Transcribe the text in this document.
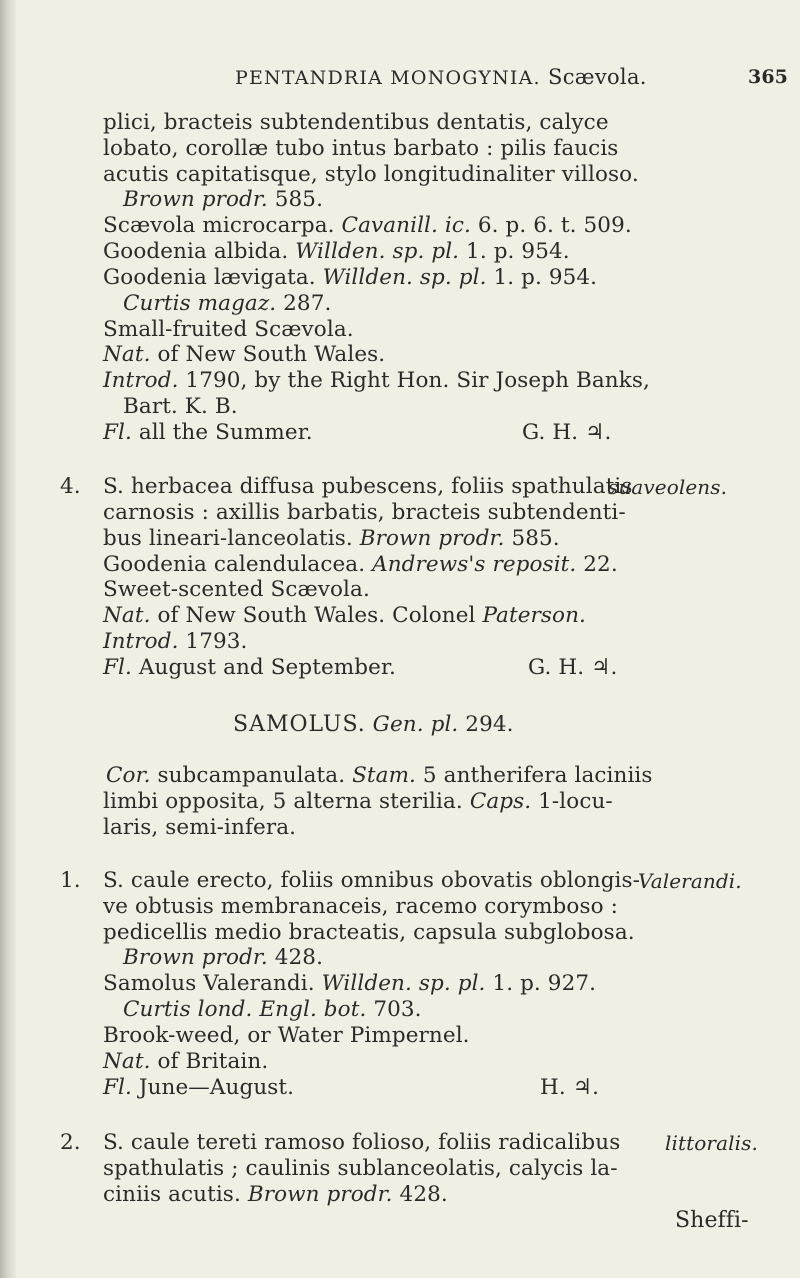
PENTANDRIA MONOGYNIA. Scævola.	365
plici, bracteis subtendentibus dentatis, calyce
lobato, corollæ tubo intus barbato : pilis faucis
acutis capitatisque, stylo longitudinaliter villoso.
Brown prodr. 585.
Scævola microcarpa. Cavanill. ic. 6. p. 6. t. 509.
Goodenia albida. Willden. sp. pl. 1. p. 954.
Goodenia lævigata. Willden. sp. pl. 1. p. 954.
Curtis magaz. 287.
Small-fruited Scævola.
Nat. of New South Wales.
Introd. 1790, by the Right Hon. Sir Joseph Banks,
Bart. K. B.
Fl. all the Summer.	G. H. ♃.
4. S. herbacea diffusa pubescens, foliis spathulatis
suaveolens.
carnosis : axillis barbatis, bracteis subtendenti-
bus lineari-lanceolatis. Brown prodr. 585.
Goodenia calendulacea. Andrews's reposit. 22.
Sweet-scented Scævola.
Nat. of New South Wales. Colonel Paterson.
Introd. 1793.
Fl. August and September.	G. H. ♃.
SAMOLUS. Gen. pl. 294.
Cor. subcampanulata. Stam. 5 antherifera laciniis
limbi opposita, 5 alterna sterilia. Caps. 1-locu-
laris, semi-infera.
1. S. caule erecto, foliis omnibus obovatis oblongis-
Valerandi.
ve obtusis membranaceis, racemo corymboso :
pedicellis medio bracteatis, capsula subglobosa.
Brown prodr. 428.
Samolus Valerandi. Willden. sp. pl. 1. p. 927.
Curtis lond. Engl. bot. 703.
Brook-weed, or Water Pimpernel.
Nat. of Britain.
Fl. June—August.	H. ♃.
2. S. caule tereti ramoso folioso, foliis radicalibus littoralis.
spathulatis ; caulinis sublanceolatis, calycis la-
ciniis acutis. Brown prodr. 428.
Sheffi-
